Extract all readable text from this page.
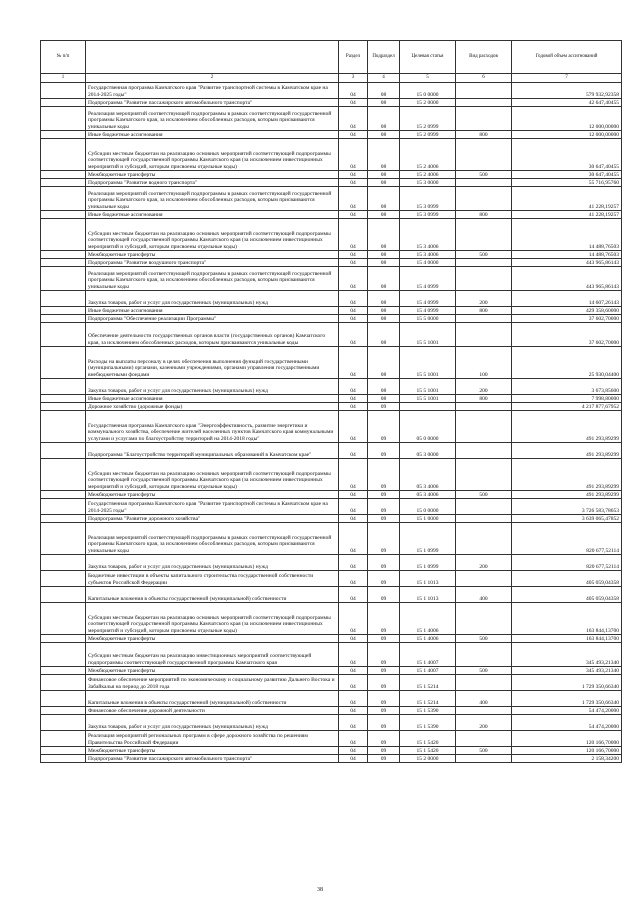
№ п/п		Раздел	Подраздел	Целевая статья	Вид расходов	Годовой объем ассигнований
1	2	3	4	5	6	7
	Государственная программа Камчатского края "Развитие транспортной системы в Камчатском крае на 2014-2025 годы"	04	08	15 0 0000		579 932,92358
	Подпрограмма "Развитие пассажирского автомобильного транспорта"	04	08	15 2 0000		42 647,40455
	Реализация мероприятий соответствующей подпрограммы в рамках соответствующей государственной программы Камчатского края, за исключением обособленных расходов, которым присваиваются уникальные коды	04	08	15 2 0999		12 000,00000
	Иные бюджетные ассигнования	04	08	15 2 0999	800	12 000,00000
	Субсидии местным бюджетам на реализацию основных мероприятий соответствующей подпрограммы соответствующей государственной программы Камчатского края (за исключением инвестиционных мероприятий и субсидий, которым присвоены отдельные коды)	04	08	15 2 4006		30 647,40455
	Межбюджетные трансферты	04	08	15 2 4006	500	30 647,40455
	Подпрограмма "Развитие водного транспорта"	04	08	15 3 0000		55 716,95760
	Реализация мероприятий соответствующей подпрограммы в рамках соответствующей государственной программы Камчатского края, за исключением обособленных расходов, которым присваиваются уникальные коды	04	08	15 3 0999		41 228,19257
	Иные бюджетные ассигнования	04	08	15 3 0999	800	41 228,19257
	Субсидии местным бюджетам на реализацию основных мероприятий соответствующей подпрограммы соответствующей государственной программы Камчатского края (за исключением инвестиционных мероприятий и субсидий, которым присвоены отдельные коды)	04	08	15 3 4006		14 488,76503
	Межбюджетные трансферты	04	08	15 3 4006	500	14 488,76503
	Подпрограмма "Развитие воздушного транспорта"	04	08	15 4 0000		443 965,86143
	Реализация мероприятий соответствующей подпрограммы в рамках соответствующей государственной программы Камчатского края, за исключением обособленных расходов, которым присваиваются уникальные коды	04	08	15 4 0999		443 965,86143
	Закупка товаров, работ и услуг для государственных (муниципальных) нужд	04	08	15 4 0999	200	14 607,26143
	Иные бюджетные ассигнования	04	08	15 4 0999	800	429 358,60000
	Подпрограмма "Обеспечение реализации Программы"	04	08	15 5 0000		37 602,70000
	Обеспечение деятельности государственных органов власти (государственных органов) Камчатского края, за исключением обособленных расходов, которым присваиваются уникальные коды	04	08	15 5 1001		37 602,70000
	Расходы на выплаты персоналу в целях обеспечения выполнения функций государственными (муниципальными) органами, казенными учреждениями, органами управления государственными внебюджетными фондами	04	08	15 5 1001	100	25 930,04400
	Закупка товаров, работ и услуг для государственных (муниципальных) нужд	04	08	15 5 1001	200	3 673,85600
	Иные бюджетные ассигнования	04	08	15 5 1001	800	7 998,80000
	Дорожное хозяйство (дорожные фонды)	04	09			4 217 877,67952
	Государственная программа Камчатского края "Энергоэффективность, развитие энергетики и коммунального хозяйства, обеспечение жителей населенных пунктов Камчатского края коммунальными услугами и услугами по благоустройству территорий на 2014-2018 годы"	04	09	05 0 0000		491 293,89299
	Подпрограмма "Благоустройство территорий муниципальных образований в Камчатском крае"	04	09	05 3 0000		491 293,89299
	Субсидии местным бюджетам на реализацию основных мероприятий соответствующей подпрограммы соответствующей государственной программы Камчатского края (за исключением инвестиционных мероприятий и субсидий, которым присвоены отдельные коды)	04	09	05 3 4006		491 293,89299
	Межбюджетные трансферты	04	09	05 3 4006	500	491 293,89299
	Государственная программа Камчатского края "Развитие транспортной системы в Камчатском крае на 2014-2025 годы"	04	09	15 0 0000		3 726 583,78653
	Подпрограмма "Развитие дорожного хозяйства"	04	09	15 1 0000		3 639 065,47852
	Реализация мероприятий соответствующей подпрограммы в рамках соответствующей государственной программы Камчатского края, за исключением обособленных расходов, которым присваиваются уникальные коды	04	09	15 1 0999		820 677,52114
	Закупка товаров, работ и услуг для государственных (муниципальных) нужд	04	09	15 1 0999	200	820 677,52114
	Бюджетные инвестиции в объекты капитального строительства государственной собственности субъектов Российской Федерации	04	09	15 1 1013		405 059,04358
	Капитальные вложения в объекты государственной (муниципальной) собственности	04	09	15 1 1013	400	405 059,04358
	Субсидии местным бюджетам на реализацию основных мероприятий соответствующей подпрограммы соответствующей государственной программы Камчатского края (за исключением инвестиционных мероприятий и субсидий, которым присвоены отдельные коды)	04	09	15 1 4006		163 844,13700
	Межбюджетные трансферты	04	09	15 1 4006	500	163 844,13700
	Субсидии местным бюджетам на реализацию инвестиционных мероприятий соответствующей подпрограммы соответствующей государственной программы Камчатского края	04	09	15 1 4007		345 493,21340
	Межбюджетные трансферты	04	09	15 1 4007	500	345 493,21340
	Финансовое обеспечение мероприятий по экономическому и социальному развитию Дальнего Востока и Забайкалья на период до 2018 года	04	09	15 1 5214		1 729 350,66340
	Капитальные вложения в объекты государственной (муниципальной) собственности	04	09	15 1 5214	400	1 729 350,66340
	Финансовое обеспечение дорожной деятельности	04	09	15 1 5390		54 474,20000
	Закупка товаров, работ и услуг для государственных (муниципальных) нужд	04	09	15 1 5390	200	54 474,20000
	Реализация мероприятий региональных программ в сфере дорожного хозяйства по решениям Правительства Российской Федерации	04	09	15 1 5420		120 166,70000
	Межбюджетные трансферты	04	09	15 1 5420	500	120 166,70000
	Подпрограмма "Развитие пассажирского автомобильного транспорта"	04	09	15 2 0000		2 158,34200
38
